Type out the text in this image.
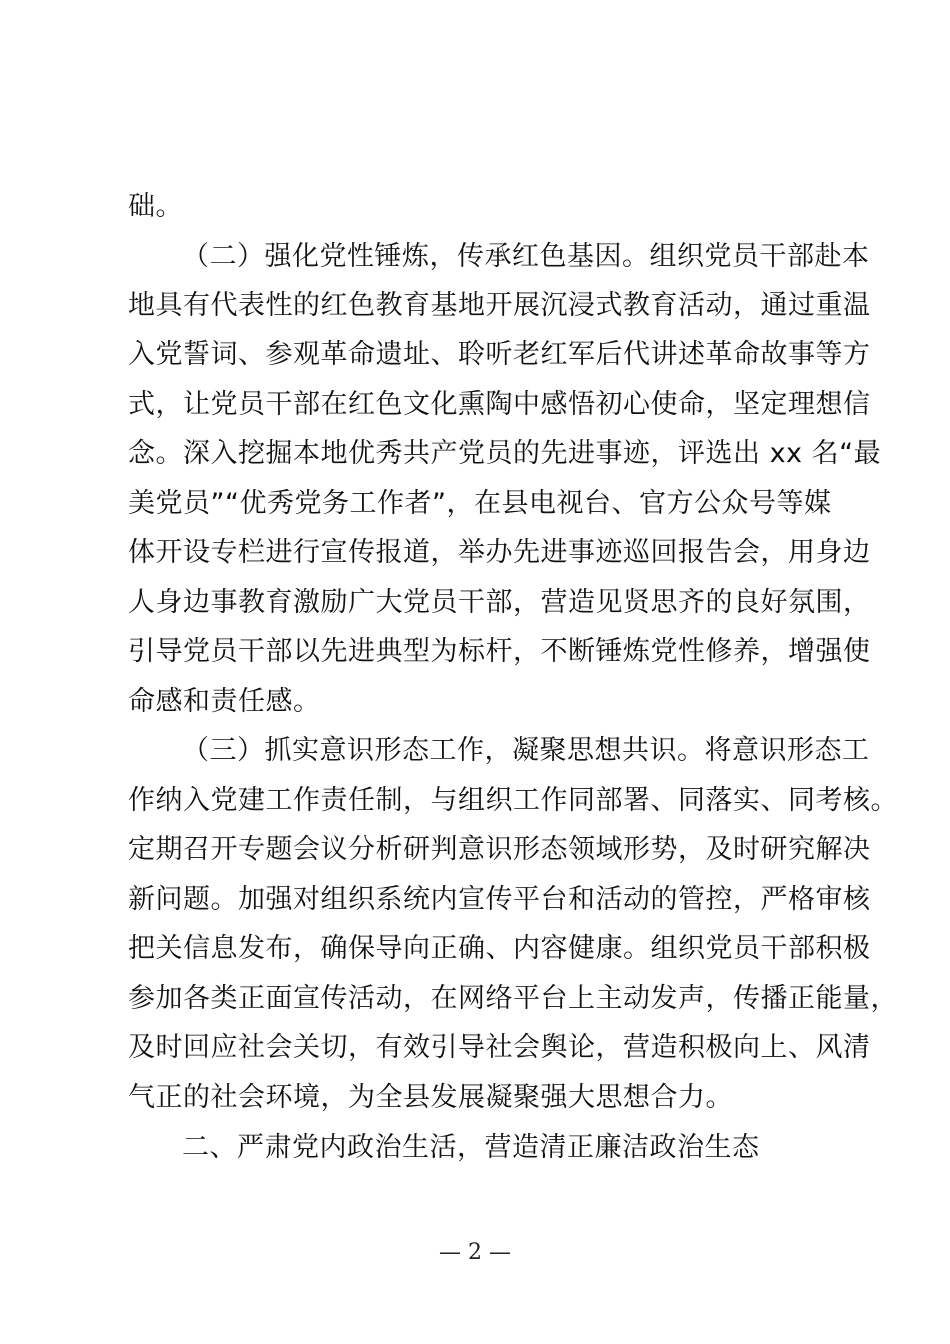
础。
（二）强化党性锤炼，传承红色基因。组织党员干部赴本
地具有代表性的红色教育基地开展沉浸式教育活动，通过重温
入党誓词、参观革命遗址、聆听老红军后代讲述革命故事等方
式，让党员干部在红色文化熏陶中感悟初心使命，坚定理想信
念。深入挖掘本地优秀共产党员的先进事迹，评选出 xx 名“最
美党员”“优秀党务工作者”，在县电视台、官方公众号等媒
体开设专栏进行宣传报道，举办先进事迹巡回报告会，用身边
人身边事教育激励广大党员干部，营造见贤思齐的良好氛围，
引导党员干部以先进典型为标杆，不断锤炼党性修养，增强使
命感和责任感。
（三）抓实意识形态工作，凝聚思想共识。将意识形态工
作纳入党建工作责任制，与组织工作同部署、同落实、同考核。
定期召开专题会议分析研判意识形态领域形势，及时研究解决
新问题。加强对组织系统内宣传平台和活动的管控，严格审核
把关信息发布，确保导向正确、内容健康。组织党员干部积极
参加各类正面宣传活动，在网络平台上主动发声，传播正能量，
及时回应社会关切，有效引导社会舆论，营造积极向上、风清
气正的社会环境，为全县发展凝聚强大思想合力。
二、严肃党内政治生活，营造清正廉洁政治生态
— 2 —
